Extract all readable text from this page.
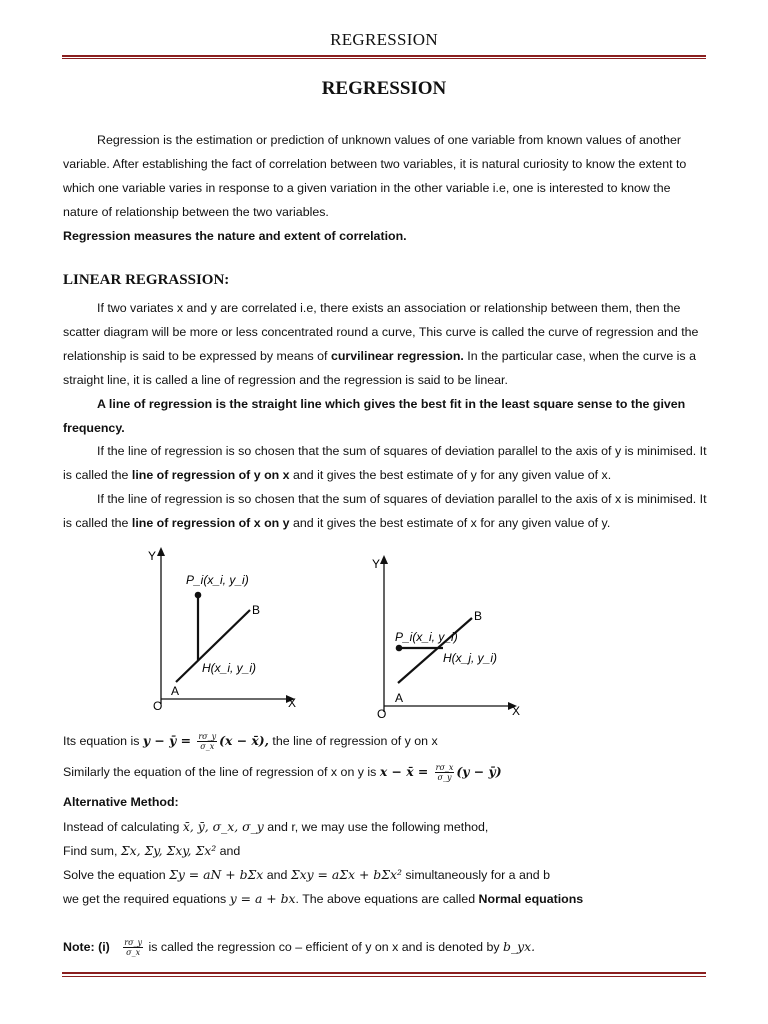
REGRESSION
REGRESSION
Regression is the estimation or prediction of unknown values of one variable from known values of another variable. After establishing the fact of correlation between two variables, it is natural curiosity to know the extent to which one variable varies in response to a given variation in the other variable i.e, one is interested to know the nature of relationship between the two variables.
Regression measures the nature and extent of correlation.
LINEAR REGRASSION:
If two variates x and y are correlated i.e, there exists an association or relationship between them, then the scatter diagram will be more or less concentrated round a curve, This curve is called the curve of regression and the relationship is said to be expressed by means of curvilinear regression. In the particular case, when the curve is a straight line, it is called a line of regression and the regression is said to be linear.
A line of regression is the straight line which gives the best fit in the least square sense to the given frequency.
If the line of regression is so chosen that the sum of squares of deviation parallel to the axis of y is minimised. It is called the line of regression of y on x and it gives the best estimate of y for any given value of x.
If the line of regression is so chosen that the sum of squares of deviation parallel to the axis of x is minimised. It is called the line of regression of x on y and it gives the best estimate of x for any given value of y.
Y
X
O
P_i(x_i, y_i)
H(x_i, y_i)
A
B
Y
X
O
P_i(x_i, y_i)
H(x_j, y_i)
A
B
Its equation is y − ȳ = $\frac{r\sigma\_y}{\sigma\_x} (x$ − x̄), the line of regression of y on x
Similarly the equation of the line of regression of x on y is x − x̄ = $\frac{r\sigma\_x}{\sigma\_y} (y$ − ȳ)
Alternative Method:
Instead of calculating x̄, ȳ, σ_x, σ_y and r, we may use the following method,
Find sum, Σx, Σy, Σxy, Σx² and
Solve the equation Σy = aN + bΣx and Σxy = aΣx + bΣx² simultaneously for a and b
we get the required equations y = a + bx. The above equations are called Normal equations
Note: $(i) \frac{r\sigma\_y}{\sigma\_x}$ is called the regression co – efficient of y on x and is denoted by b_yx.
